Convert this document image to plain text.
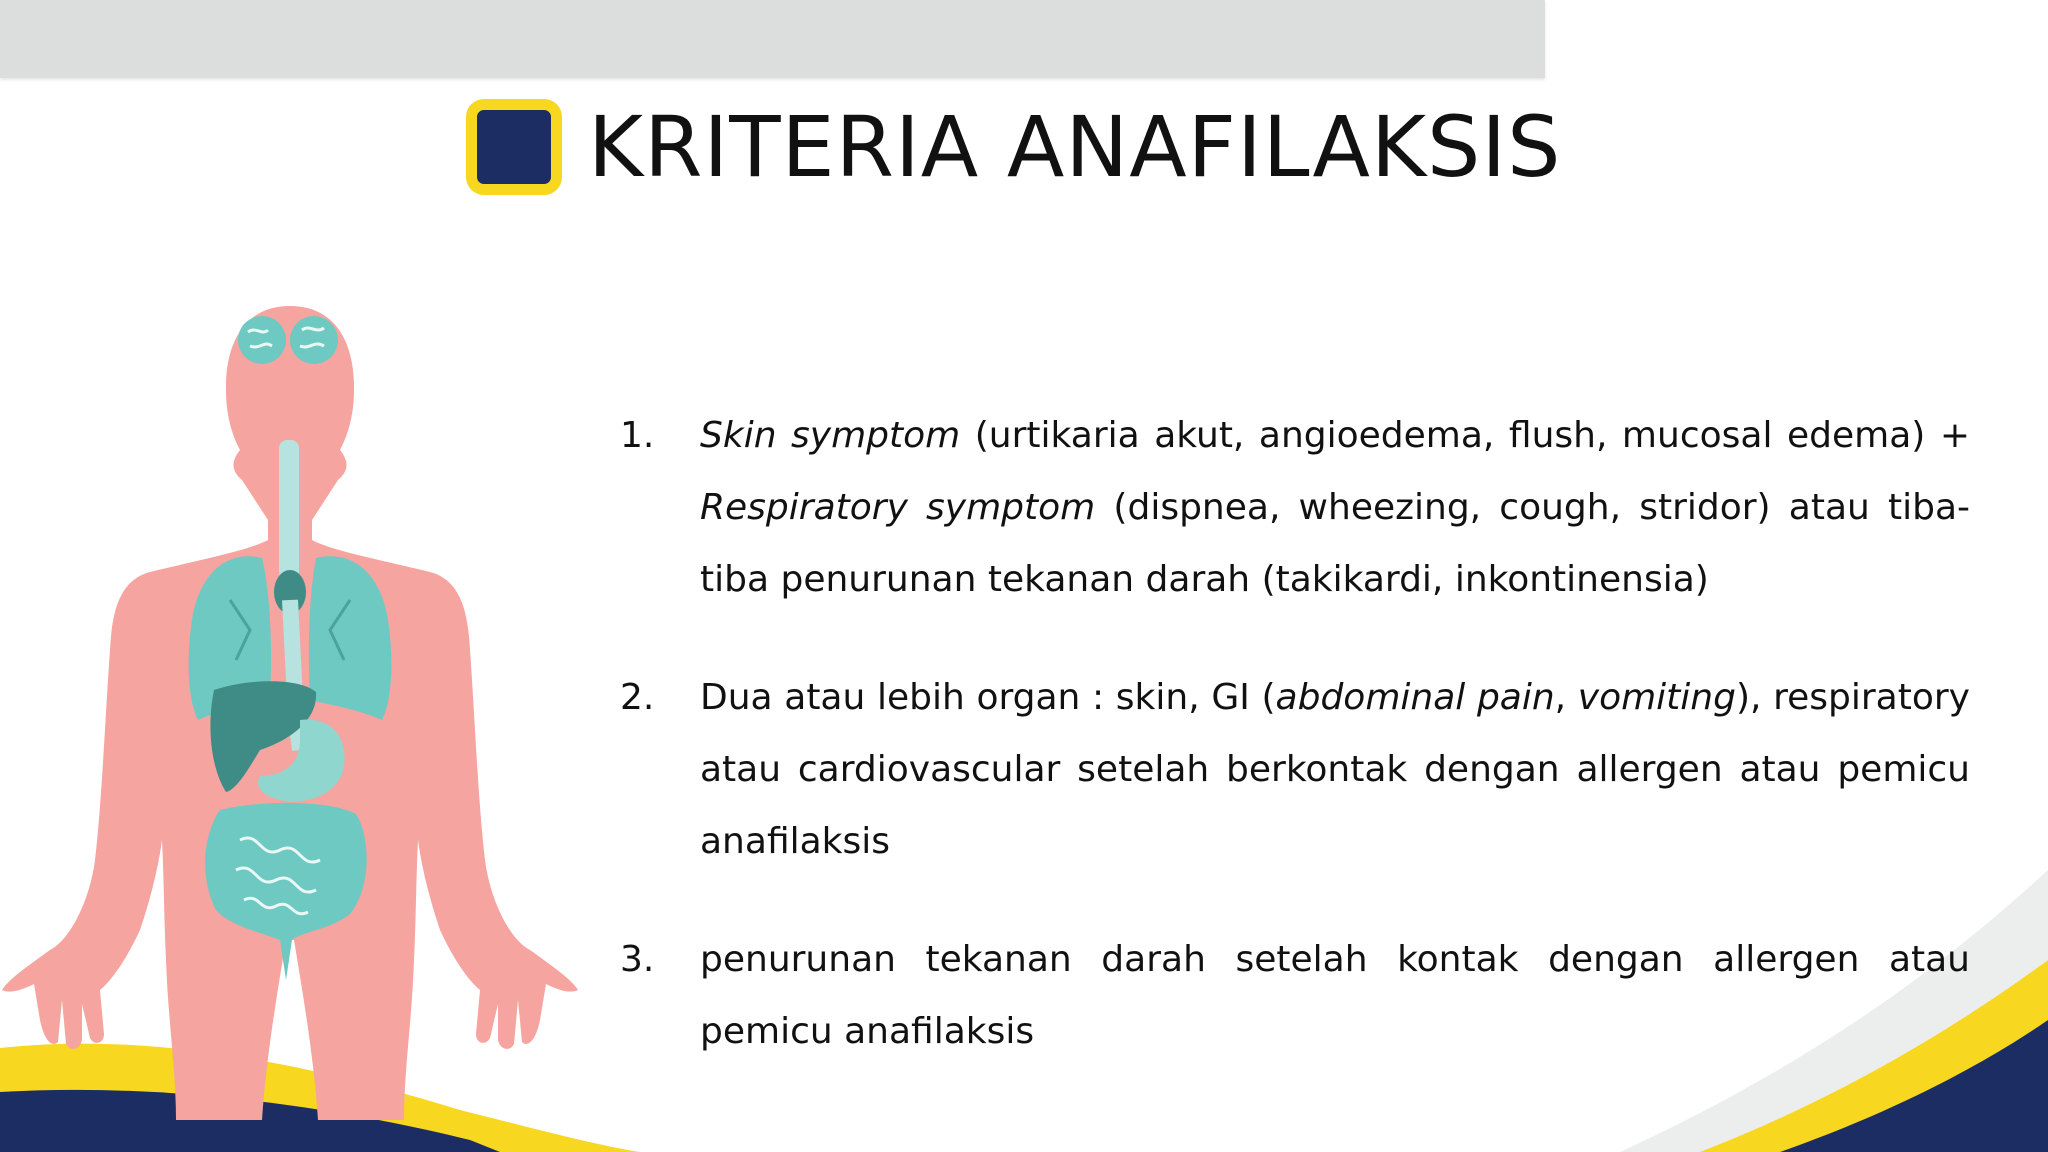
KRITERIA ANAFILAKSIS
1.	Skin symptom (urtikaria akut, angioedema, flush, mucosal edema) + Respiratory symptom (dispnea, wheezing, cough, stridor) atau tiba-tiba penurunan tekanan darah (takikardi, inkontinensia)
2.	Dua atau lebih organ : skin, GI (abdominal pain, vomiting), respiratory atau cardiovascular setelah berkontak dengan allergen atau pemicu anafilaksis
3.	penurunan tekanan darah setelah kontak dengan allergen atau pemicu anafilaksis
